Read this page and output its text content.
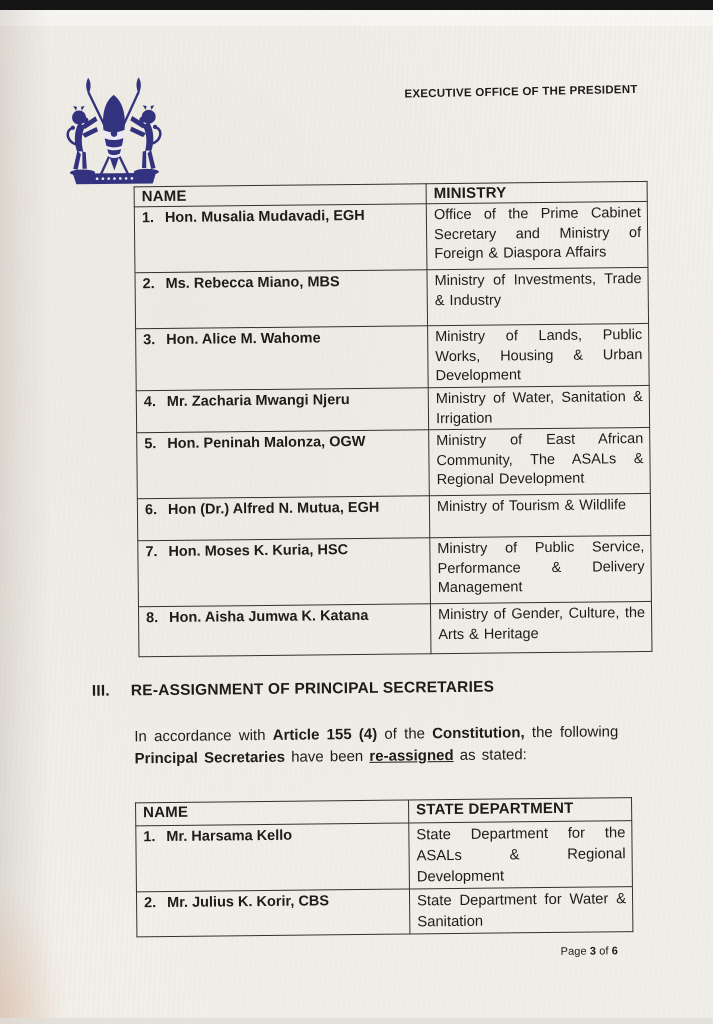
EXECUTIVE OFFICE OF THE PRESIDENT
NAME	MINISTRY
1. Hon. Musalia Mudavadi, EGH	Office of the Prime Cabinet Secretary and Ministry of Foreign & Diaspora Affairs
2. Ms. Rebecca Miano, MBS	Ministry of Investments, Trade & Industry
3. Hon. Alice M. Wahome	Ministry of Lands, Public Works, Housing & Urban Development
4. Mr. Zacharia Mwangi Njeru	Ministry of Water, Sanitation & Irrigation
5. Hon. Peninah Malonza, OGW	Ministry of East African Community, The ASALs & Regional Development
6. Hon (Dr.) Alfred N. Mutua, EGH	Ministry of Tourism & Wildlife
7. Hon. Moses K. Kuria, HSC	Ministry of Public Service, Performance & Delivery Management
8. Hon. Aisha Jumwa K. Katana	Ministry of Gender, Culture, the Arts & Heritage
III. RE-ASSIGNMENT OF PRINCIPAL SECRETARIES

In accordance with Article 155 (4) of the Constitution, the following Principal Secretaries have been re-assigned as stated:

NAME	STATE DEPARTMENT
1. Mr. Harsama Kello	State Department for the ASALs & Regional Development
2. Mr. Julius K. Korir, CBS	State Department for Water & Sanitation
Page 3 of 6
